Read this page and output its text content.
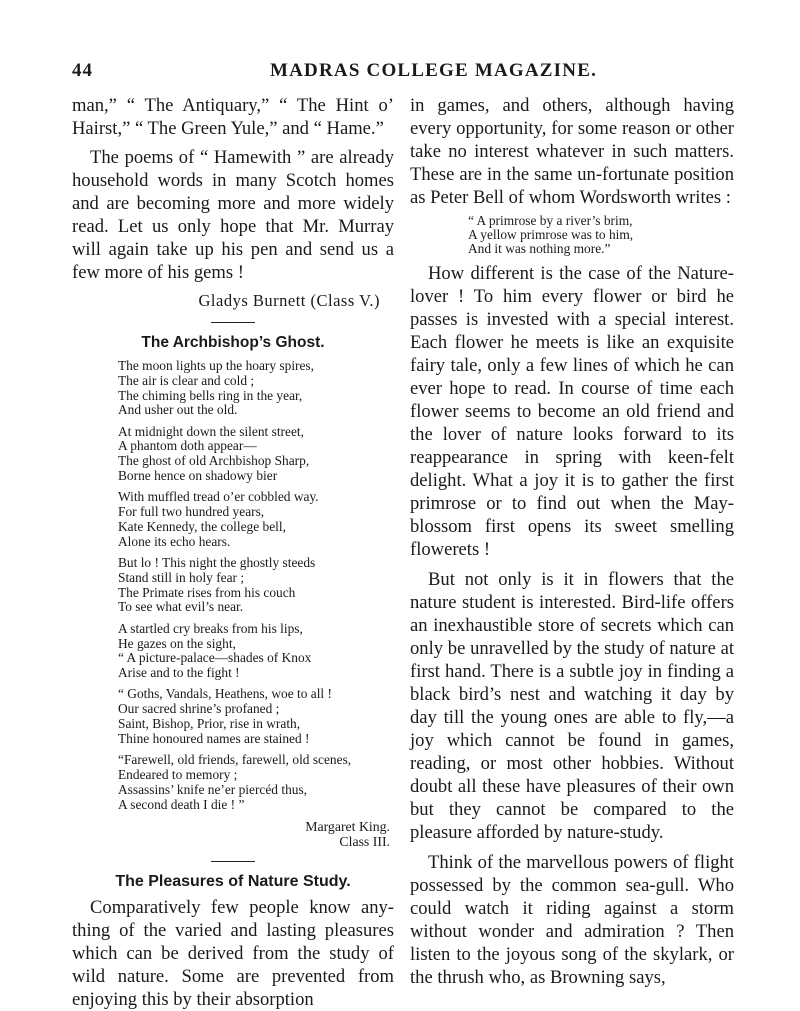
44	MADRAS COLLEGE MAGAZINE.

man,” “ The Antiquary,” “ The Hint o’ Hairst,” “ The Green Yule,” and “ Hame.”

The poems of “ Hamewith ” are already household words in many Scotch homes and are becoming more and more widely read. Let us only hope that Mr. Murray will again take up his pen and send us a few more of his gems !

Gladys Burnett (Class V.)

The Archbishop’s Ghost.

The moon lights up the hoary spires,
The air is clear and cold ;
The chiming bells ring in the year,
And usher out the old.

At midnight down the silent street,
A phantom doth appear—
The ghost of old Archbishop Sharp,
Borne hence on shadowy bier

With muffled tread o’er cobbled way.
For full two hundred years,
Kate Kennedy, the college bell,
Alone its echo hears.

But lo ! This night the ghostly steeds
Stand still in holy fear ;
The Primate rises from his couch
To see what evil’s near.

A startled cry breaks from his lips,
He gazes on the sight,
“ A picture-palace—shades of Knox
Arise and to the fight !

“ Goths, Vandals, Heathens, woe to all !
Our sacred shrine’s profaned ;
Saint, Bishop, Prior, rise in wrath,
Thine honoured names are stained !

“Farewell, old friends, farewell, old scenes,
Endeared to memory ;
Assassins’ knife ne’er piercéd thus,
A second death I die ! ”

Margaret King.
Class III.

The Pleasures of Nature Study.

Comparatively few people know any-thing of the varied and lasting pleasures which can be derived from the study of wild nature. Some are prevented from enjoying this by their absorption

in games, and others, although having every opportunity, for some reason or other take no interest whatever in such matters. These are in the same un-fortunate position as Peter Bell of whom Wordsworth writes :

“ A primrose by a river’s brim,

A yellow primrose was to him,

And it was nothing more.”

How different is the case of the Nature-lover ! To him every flower or bird he passes is invested with a special interest. Each flower he meets is like an exquisite fairy tale, only a few lines of which he can ever hope to read. In course of time each flower seems to become an old friend and the lover of nature looks forward to its reappearance in spring with keen-felt delight. What a joy it is to gather the first primrose or to find out when the May-blossom first opens its sweet smelling flowerets !

But not only is it in flowers that the nature student is interested. Bird-life offers an inexhaustible store of secrets which can only be unravelled by the study of nature at first hand. There is a subtle joy in finding a black bird’s nest and watching it day by day till the young ones are able to fly,—a joy which cannot be found in games, reading, or most other hobbies. Without doubt all these have pleasures of their own but they cannot be compared to the pleasure afforded by nature-study.

Think of the marvellous powers of flight possessed by the common sea-gull. Who could watch it riding against a storm without wonder and admiration ? Then listen to the joyous song of the skylark, or the thrush who, as Browning says,
